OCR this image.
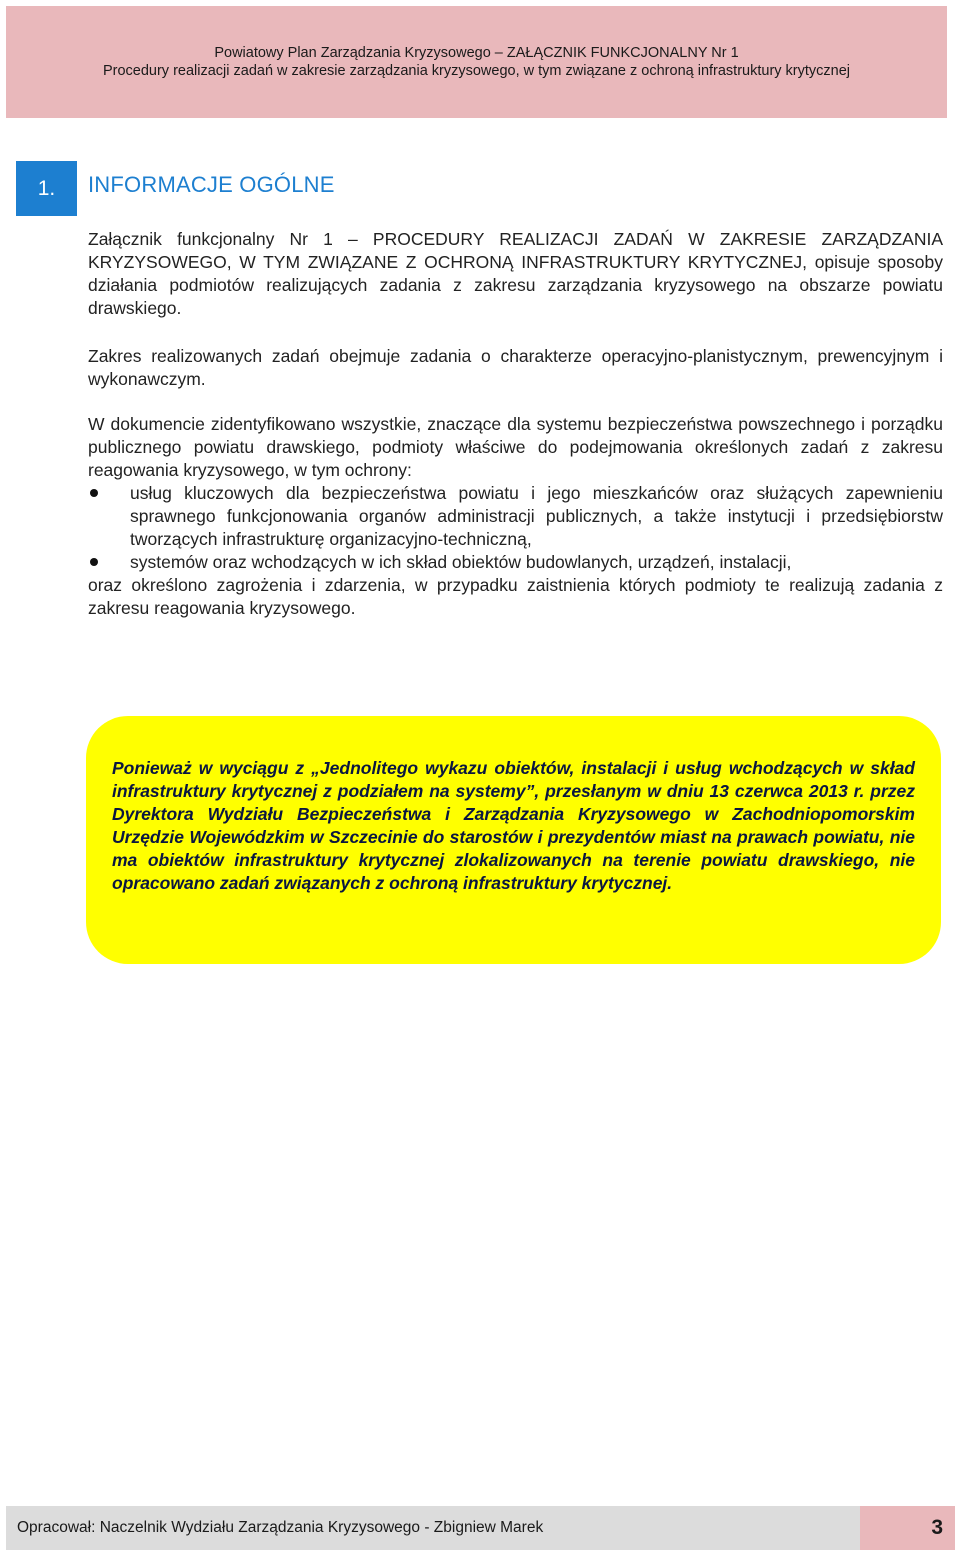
Powiatowy Plan Zarządzania Kryzysowego – ZAŁĄCZNIK FUNKCJONALNY Nr 1
Procedury realizacji zadań w zakresie zarządzania kryzysowego, w tym związane z ochroną infrastruktury krytycznej
1.	INFORMACJE OGÓLNE
Załącznik funkcjonalny Nr 1 – PROCEDURY REALIZACJI ZADAŃ W ZAKRESIE ZARZĄDZANIA KRYZYSOWEGO, W TYM ZWIĄZANE Z OCHRONĄ INFRASTRUKTURY KRYTYCZNEJ, opisuje sposoby działania podmiotów realizujących zadania z zakresu zarządzania kryzysowego na obszarze powiatu drawskiego.
Zakres realizowanych zadań obejmuje zadania o charakterze operacyjno-planistycznym, prewencyjnym i wykonawczym.

W dokumencie zidentyfikowano wszystkie, znaczące dla systemu bezpieczeństwa powszechnego i porządku publicznego powiatu drawskiego, podmioty właściwe do podejmowania określonych zadań z zakresu reagowania kryzysowego, w tym ochrony:

usług kluczowych dla bezpieczeństwa powiatu i jego mieszkańców oraz służących zapewnieniu sprawnego funkcjonowania organów administracji publicznych, a także instytucji i przedsiębiorstw tworzących infrastrukturę organizacyjno-techniczną,
systemów oraz wchodzących w ich skład obiektów budowlanych, urządzeń, instalacji,

oraz określono zagrożenia i zdarzenia, w przypadku zaistnienia których podmioty te realizują zadania z zakresu reagowania kryzysowego.

Ponieważ w wyciągu z „Jednolitego wykazu obiektów, instalacji i usług wchodzących w skład infrastruktury krytycznej z podziałem na systemy”, przesłanym w dniu 13 czerwca 2013 r. przez Dyrektora Wydziału Bezpieczeństwa i Zarządzania Kryzysowego w Zachodniopomorskim Urzędzie Wojewódzkim w Szczecinie do starostów i prezydentów miast na prawach powiatu, nie ma obiektów infrastruktury krytycznej zlokalizowanych na terenie powiatu drawskiego, nie opracowano zadań związanych z ochroną infrastruktury krytycznej.

Opracował: Naczelnik Wydziału Zarządzania Kryzysowego - Zbigniew Marek	3
